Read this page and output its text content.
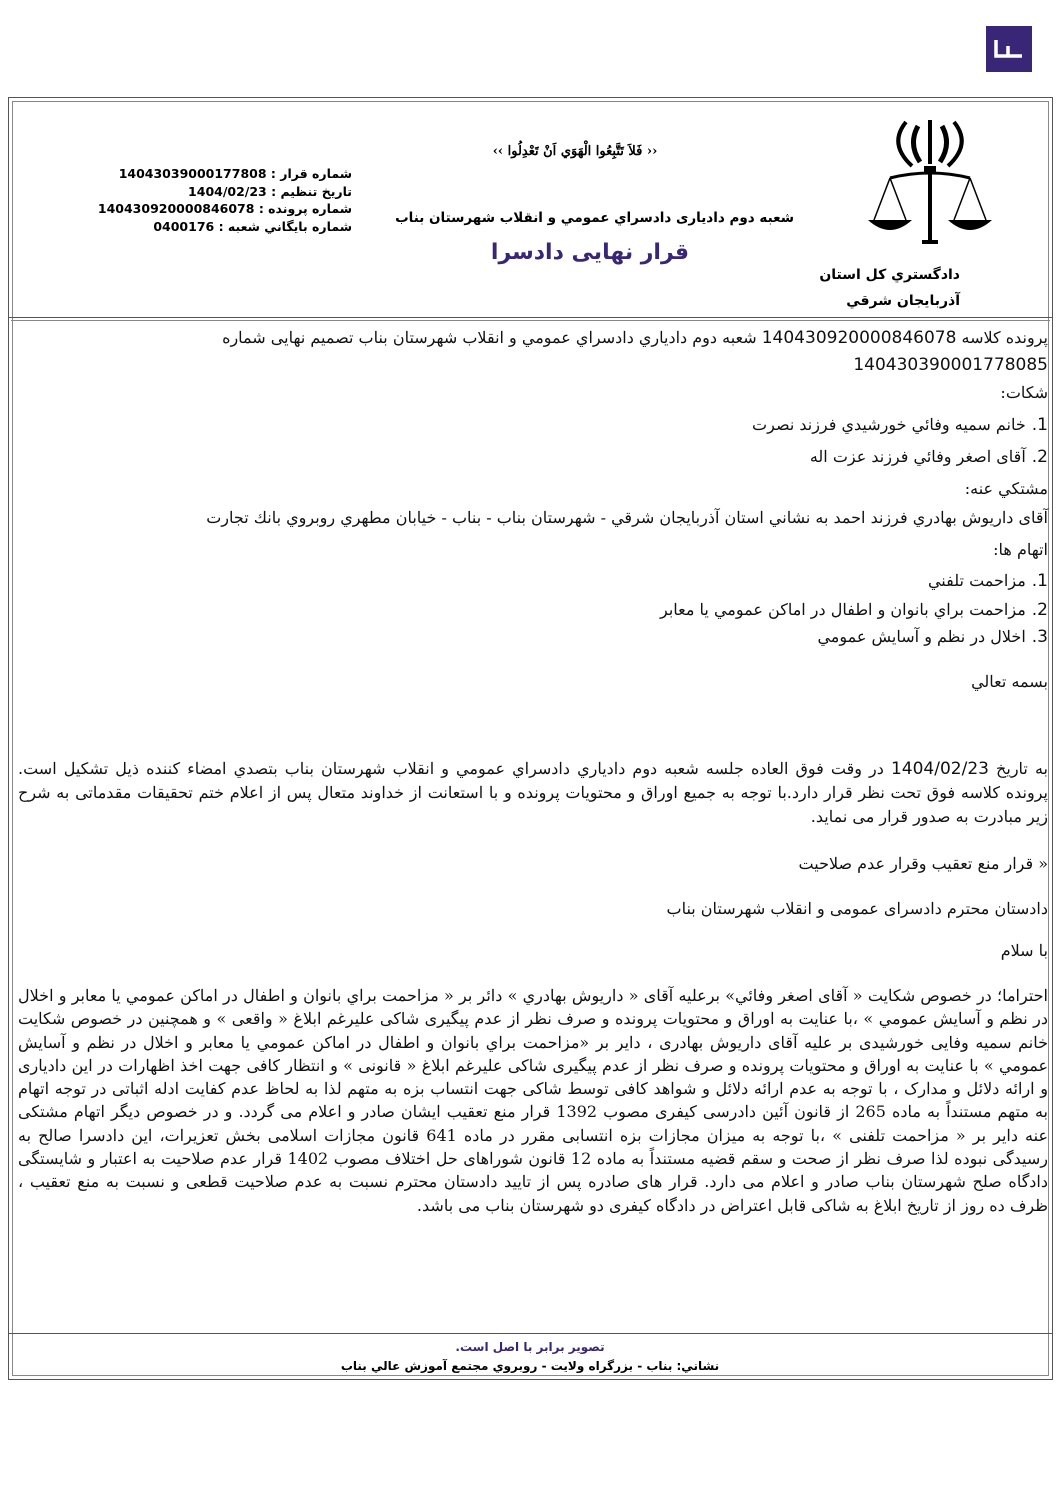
دادگستري كل استان آذربايجان شرقي
‹‹ فَلاَ تَتَّبِعُوا الْهَوَي اَنْ تَعْدِلُوا ››
شعبه دوم داديارى دادسراي عمومي و انقلاب شهرستان بناب
قرار نهايى دادسرا
شماره قرار : 14043039000177808
تاريخ تنظيم : 1404/02/23
شماره پرونده : 140430920000846078
شماره بايگاني شعبه : 0400176
پرونده كلاسه 140430920000846078 شعبه دوم دادياري دادسراي عمومي و انقلاب شهرستان بناب تصميم نهايى شماره
140430390001778085
شكات:
1.خانم سميه وفائي خورشيدي فرزند نصرت
2.آقاى اصغر وفائي فرزند عزت اله
مشتكي عنه:
آقاى داريوش بهادري فرزند احمد به نشاني استان آذربايجان شرقي - شهرستان بناب - بناب - خيابان مطهري روبروي بانك تجارت
اتهام ها:
1.مزاحمت تلفني
2.مزاحمت براي بانوان و اطفال در اماكن عمومي يا معابر
3.اخلال در نظم و آسايش عمومي
بسمه تعالي
به تاريخ 1404/02/23 در وقت فوق العاده جلسه شعبه دوم دادياري دادسراي عمومي و انقلاب شهرستان بناب بتصدي امضاء كننده ذيل تشكيل است. پرونده كلاسه فوق تحت نظر قرار دارد.با توجه به جميع اوراق و محتويات پرونده و با استعانت از خداوند متعال پس از اعلام ختم تحقيقات مقدماتى به شرح زير مبادرت به صدور قرار مى نمايد.
« قرار منع تعقيب وقرار عدم صلاحيت
دادستان محترم دادسرای عمومی و انقلاب شهرستان بناب
با سلام
احتراما؛ در خصوص شكايت « آقاى اصغر وفائي» برعليه آقاى « داريوش بهادري » دائر بر « مزاحمت براي بانوان و اطفال در اماكن عمومي يا معابر و اخلال در نظم و آسايش عمومي » ،با عنایت به اوراق و محتویات پرونده و صرف نظر از عدم پیگیری شاکی علیرغم ابلاغ « واقعی » و همچنين در خصوص شکایت خانم سمیه وفایی خورشیدی بر علیه آقای داریوش بهادری ، دایر بر «مزاحمت براي بانوان و اطفال در اماكن عمومي يا معابر و اخلال در نظم و آسايش عمومي » با عنایت به اوراق و محتویات پرونده و صرف نظر از عدم پیگیری شاکی علیرغم ابلاغ « قانونی » و انتظار کافی جهت اخذ اظهارات در این دادیاری و ارائه دلائل و مدارک ، با توجه به عدم ارائه دلائل و شواهد کافی توسط شاکی جهت انتساب بزه به متهم لذا به لحاظ عدم کفایت ادله اثباتی در توجه اتهام به متهم مستنداً به ماده 265 از قانون آئین دادرسی کیفری مصوب 1392 قرار منع تعقیب ایشان صادر و اعلام می گردد. و در خصوص دیگر اتهام مشتکی عنه دایر بر « مزاحمت تلفنی » ،با توجه به میزان مجازات بزه انتسابی مقرر در ماده 641 قانون مجازات اسلامی بخش تعزیرات، این دادسرا صالح به رسیدگی نبوده لذا صرف نظر از صحت و سقم قضیه مستنداً به ماده 12 قانون شوراهای حل اختلاف مصوب 1402 قرار عدم صلاحیت به اعتبار و شایستگی دادگاه صلح شهرستان بناب صادر و اعلام می دارد. قرار های صادره پس از تایید دادستان محترم نسبت به عدم صلاحیت قطعی و نسبت به منع تعقیب ، ظرف ده روز از تاریخ ابلاغ به شاکی قابل اعتراض در دادگاه کیفری دو شهرستان بناب می باشد.
تصوير برابر با اصل است.
نشاني: بناب - بزرگراه ولايت - روبروي مجتمع آموزش عالي بناب
